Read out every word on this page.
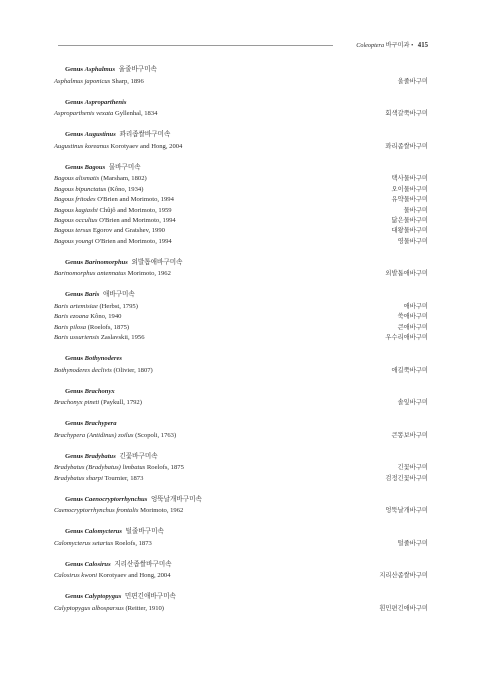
Coleoptera 바구미과 • 415
Genus Asphalmus 울줄바구미속
Asphalmus japonicus Sharp, 1896	울줄바구미
Genus Asproparthenis
Asproparthenis vexata Gyllenhal, 1834	회색갈쭉바구미
Genus Augustinus 꽈리좁쌀바구미속
Augustinus koreanus Korotyaev and Hong, 2004	꽈리좁쌀바구미
Genus Bagous 물바구미속
Bagous alismatis (Marsham, 1802)	택사물바구미
Bagous bipunctatus (Kôno, 1934)	오이물바구미
Bagous fritodes O'Brien and Morimoto, 1994	유약물바구미
Bagous kagiashi Chûjô and Morimoto, 1959	물바구미
Bagous occultus O'Brien and Morimoto, 1994	닮은물바구미
Bagous tersus Egorov and Gratshev, 1990	대왕물바구미
Bagous youngi O'Brien and Morimoto, 1994	영물바구미
Genus Barinomorphus 외발톱애바구미속
Barinomorphus antennatus Morimoto, 1962	외발톱애바구미
Genus Baris 애바구미속
Baris artemisiae (Herbst, 1795)	애바구미
Baris ezoana Kôno, 1940	쑥애바구미
Baris pilosa (Roelofs, 1875)	큰애바구미
Baris ussuriensis Zaslavskii, 1956	우수리애바구미
Genus Bothynoderes
Bothynoderes declivis (Olivier, 1807)	애길쭉바구미
Genus Brachonyx
Brachonyx pineti (Paykull, 1792)	솔잎바구미
Genus Brachypera
Brachypera (Antidinus) zoilus (Scopoli, 1763)	큰똥보바구미
Genus Bradybatus 긴꽃바구미속
Bradybatus (Bradybatus) limbatus Roelofs, 1875	긴꽃바구미
Bradybatus sharpi Tournier, 1873	검정긴꽃바구미
Genus Caenocryptorrhynchus 엉뚝날개바구미속
Caenocryptorrhynchus frontalis Morimoto, 1962	엉뚝날개바구미
Genus Calomycterus 털줄바구미속
Calomycterus setarius Roelofs, 1873	털줄바구미
Genus Calosirus 지리산좁쌀바구미속
Calosirus kwoni Korotyaev and Hong, 2004	지리산좁쌀바구미
Genus Calyptopygus 민편긴애바구미속
Calyptopygus albosparsus (Reitter, 1910)	흰민편긴애바구미
